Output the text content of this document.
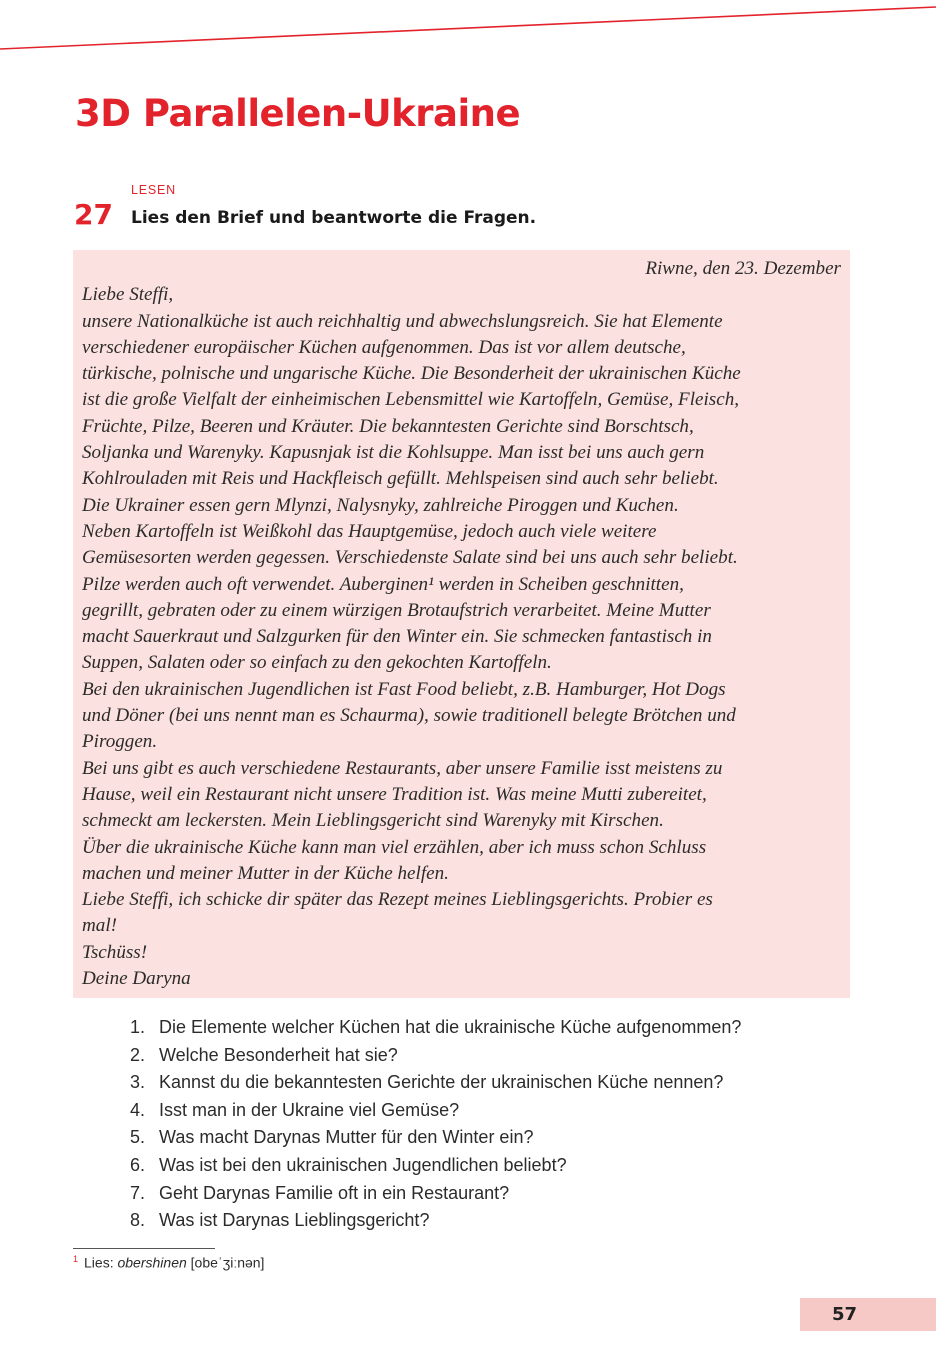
3D Parallelen-Ukraine
LESEN
27 Lies den Brief und beantworte die Fragen.
Riwne, den 23. Dezember
Liebe Steffi,
unsere Nationalküche ist auch reichhaltig und abwechslungsreich. Sie hat Elemente
verschiedener europäischer Küchen aufgenommen. Das ist vor allem deutsche,
türkische, polnische und ungarische Küche. Die Besonderheit der ukrainischen Küche
ist die große Vielfalt der einheimischen Lebensmittel wie Kartoffeln, Gemüse, Fleisch,
Früchte, Pilze, Beeren und Kräuter. Die bekanntesten Gerichte sind Borschtsch,
Soljanka und Warenyky. Kapusnjak ist die Kohlsuppe. Man isst bei uns auch gern
Kohlrouladen mit Reis und Hackfleisch gefüllt. Mehlspeisen sind auch sehr beliebt.
Die Ukrainer essen gern Mlynzi, Nalysnyky, zahlreiche Piroggen und Kuchen.
Neben Kartoffeln ist Weißkohl das Hauptgemüse, jedoch auch viele weitere
Gemüsesorten werden gegessen. Verschiedenste Salate sind bei uns auch sehr beliebt.
Pilze werden auch oft verwendet. Auberginen¹ werden in Scheiben geschnitten,
gegrillt, gebraten oder zu einem würzigen Brotaufstrich verarbeitet. Meine Mutter
macht Sauerkraut und Salzgurken für den Winter ein. Sie schmecken fantastisch in
Suppen, Salaten oder so einfach zu den gekochten Kartoffeln.
Bei den ukrainischen Jugendlichen ist Fast Food beliebt, z.B. Hamburger, Hot Dogs
und Döner (bei uns nennt man es Schaurma), sowie traditionell belegte Brötchen und
Piroggen.
Bei uns gibt es auch verschiedene Restaurants, aber unsere Familie isst meistens zu
Hause, weil ein Restaurant nicht unsere Tradition ist. Was meine Mutti zubereitet,
schmeckt am leckersten. Mein Lieblingsgericht sind Warenyky mit Kirschen.
Über die ukrainische Küche kann man viel erzählen, aber ich muss schon Schluss
machen und meiner Mutter in der Küche helfen.
Liebe Steffi, ich schicke dir später das Rezept meines Lieblingsgerichts. Probier es
mal!
Tschüss!
Deine Daryna
1. Die Elemente welcher Küchen hat die ukrainische Küche aufgenommen?
2. Welche Besonderheit hat sie?
3. Kannst du die bekanntesten Gerichte der ukrainischen Küche nennen?
4. Isst man in der Ukraine viel Gemüse?
5. Was macht Darynas Mutter für den Winter ein?
6. Was ist bei den ukrainischen Jugendlichen beliebt?
7. Geht Darynas Familie oft in ein Restaurant?
8. Was ist Darynas Lieblingsgericht?
$^1$ Lies: obershinen [obeˈʒiːnən]
57
